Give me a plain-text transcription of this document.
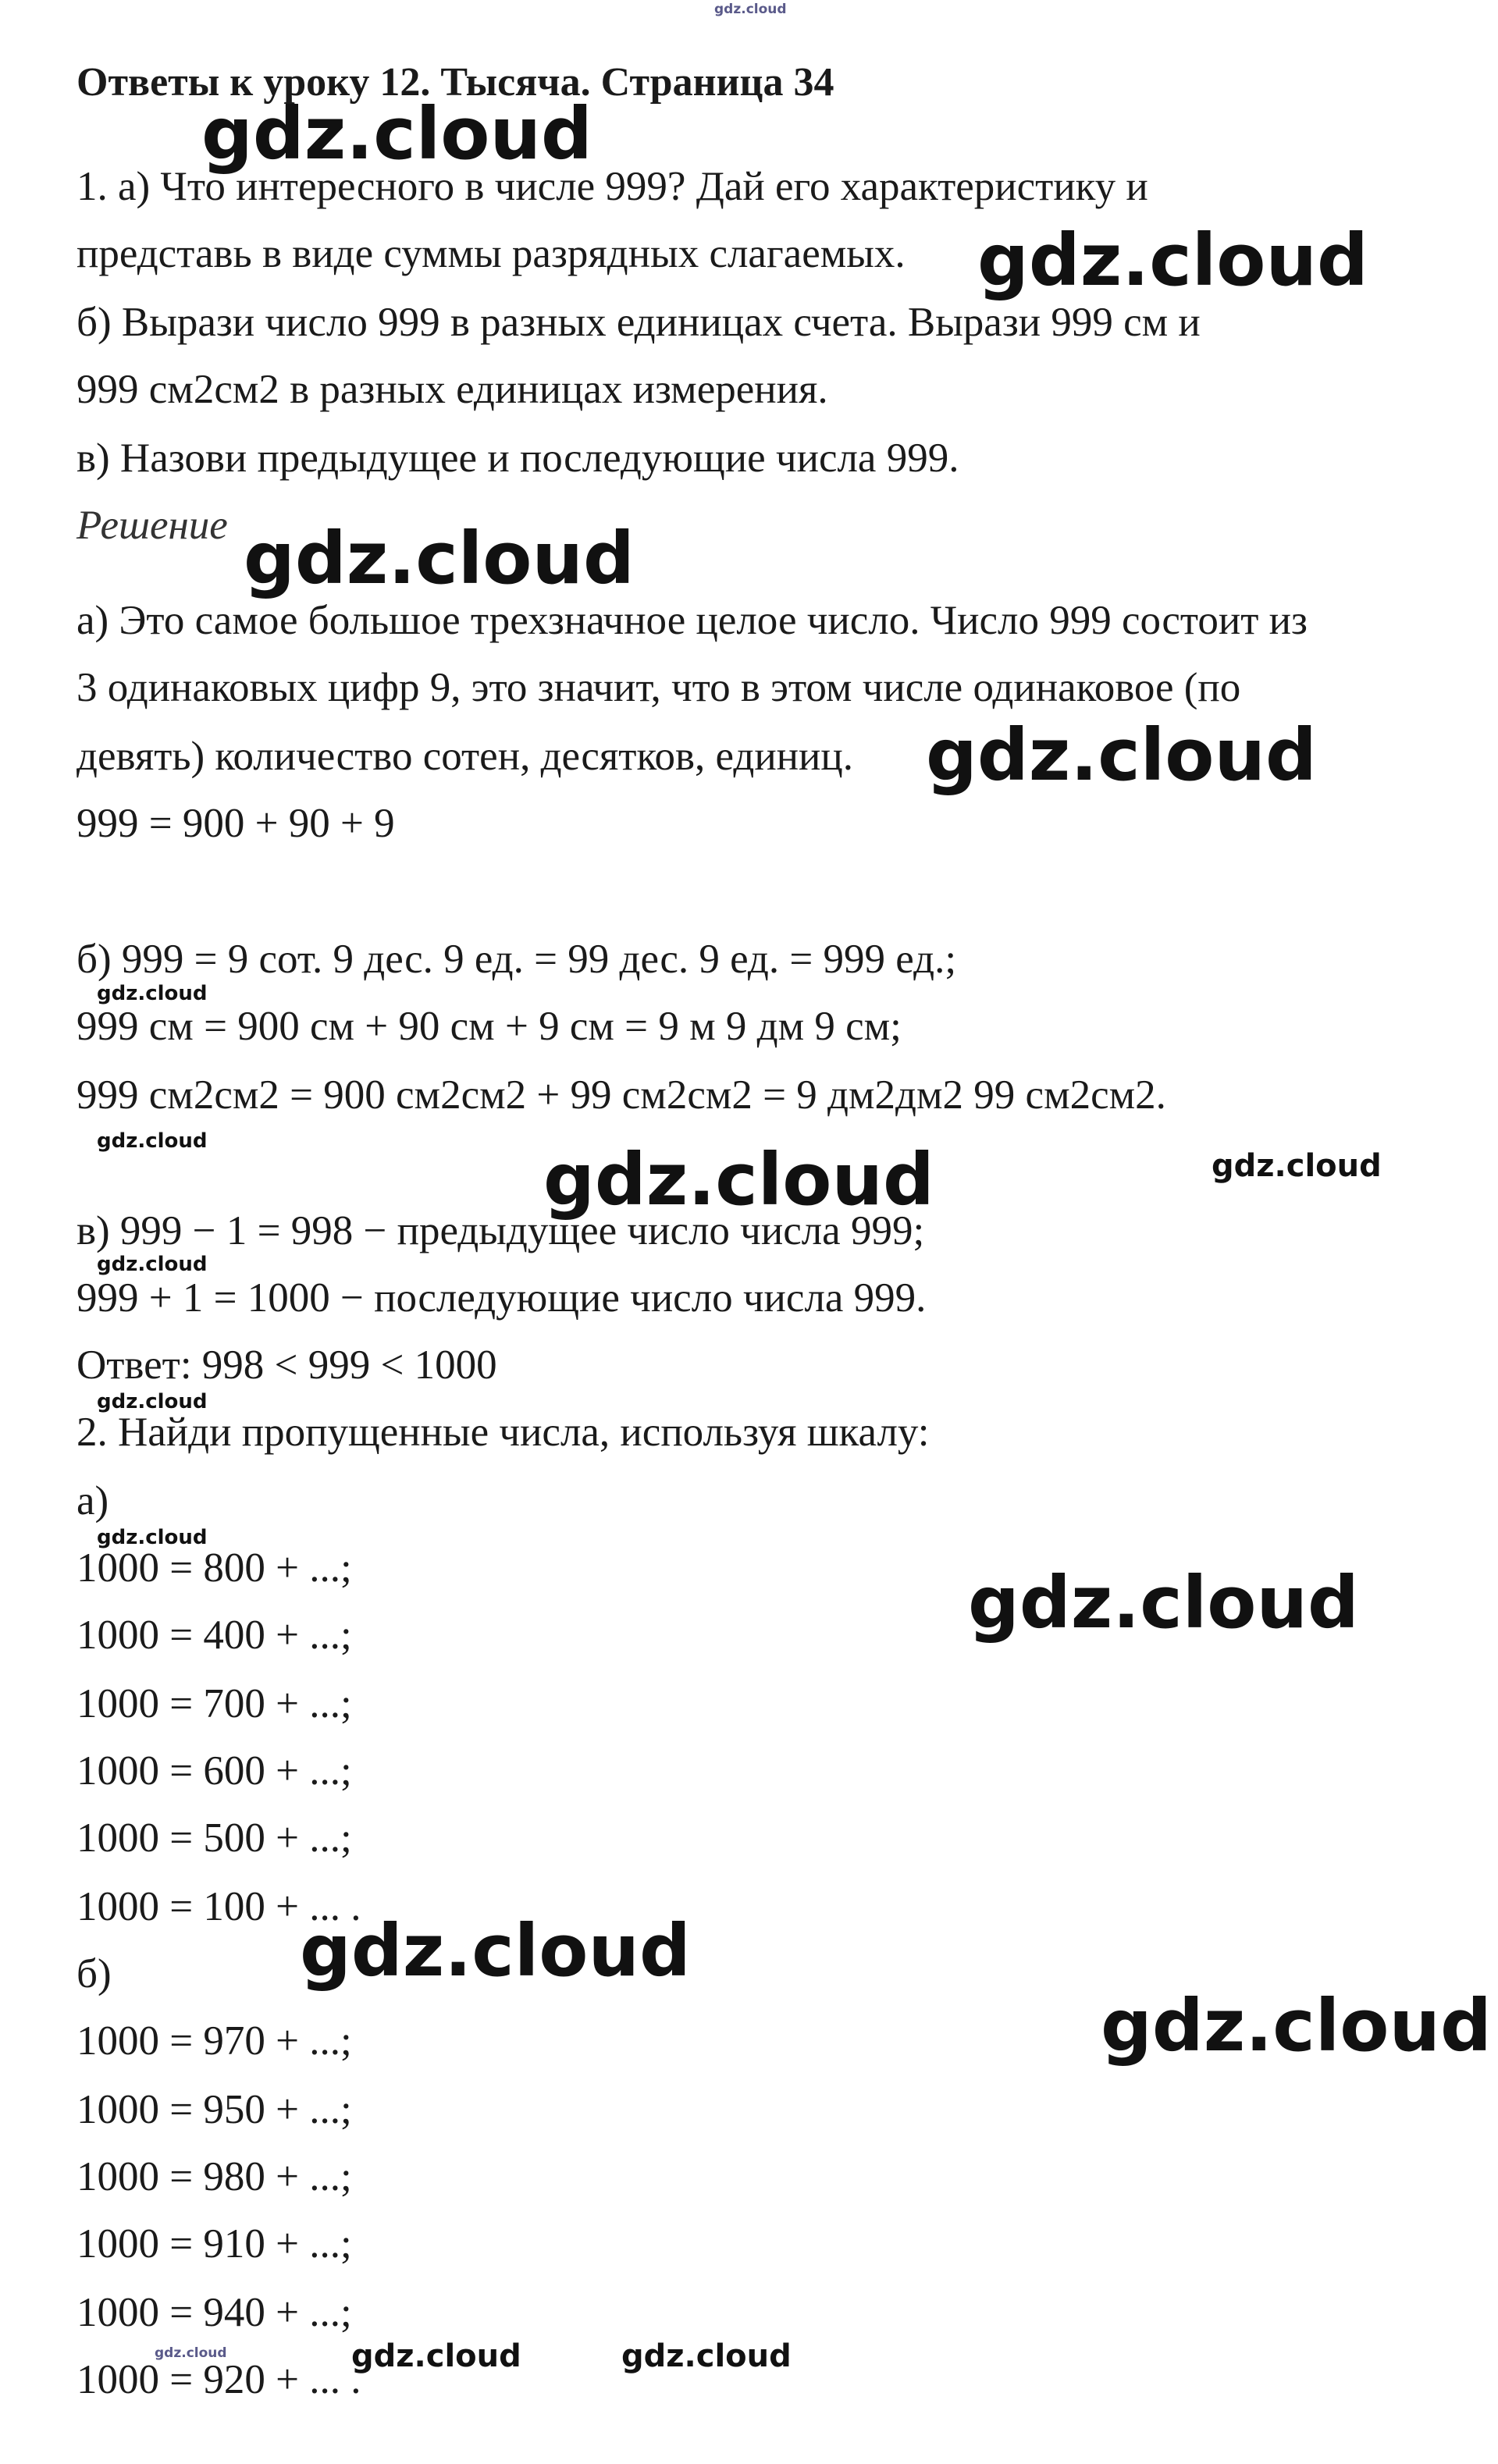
gdz.cloud
Ответы к уроку 12. Тысяча. Страница 34
1. а) Что интересного в числе 999? Дай его характеристику и
представь в виде суммы разрядных слагаемых.
б) Вырази число 999 в разных единицах счета. Вырази 999 см и
999 см2см2 в разных единицах измерения.
в) Назови предыдущее и последующие числа 999.
Решение
а) Это самое большое трехзначное целое число. Число 999 состоит из
3 одинаковых цифр 9, это значит, что в этом числе одинаковое (по
девять) количество сотен, десятков, единиц.
999 = 900 + 90 + 9
б) 999 = 9 сот. 9 дес. 9 ед. = 99 дес. 9 ед. = 999 ед.;
999 см = 900 см + 90 см + 9 см = 9 м 9 дм 9 см;
999 см2см2 = 900 см2см2 + 99 см2см2 = 9 дм2дм2 99 см2см2.
в) 999 − 1 = 998 − предыдущее число числа 999;
999 + 1 = 1000 − последующие число числа 999.
Ответ: 998 < 999 < 1000
2. Найди пропущенные числа, используя шкалу:
а)
1000 = 800 + ...;
1000 = 400 + ...;
1000 = 700 + ...;
1000 = 600 + ...;
1000 = 500 + ...;
1000 = 100 + ... .
б)
1000 = 970 + ...;
1000 = 950 + ...;
1000 = 980 + ...;
1000 = 910 + ...;
1000 = 940 + ...;
1000 = 920 + ... .
gdz.cloud
gdz.cloud
gdz.cloud
gdz.cloud
gdz.cloud
gdz.cloud	gdz.cloud	gdz.cloud
gdz.cloud
gdz.cloud
gdz.cloud
gdz.cloud
gdz.cloud
gdz.cloud
gdz.cloud	gdz.cloud	gdz.cloud
